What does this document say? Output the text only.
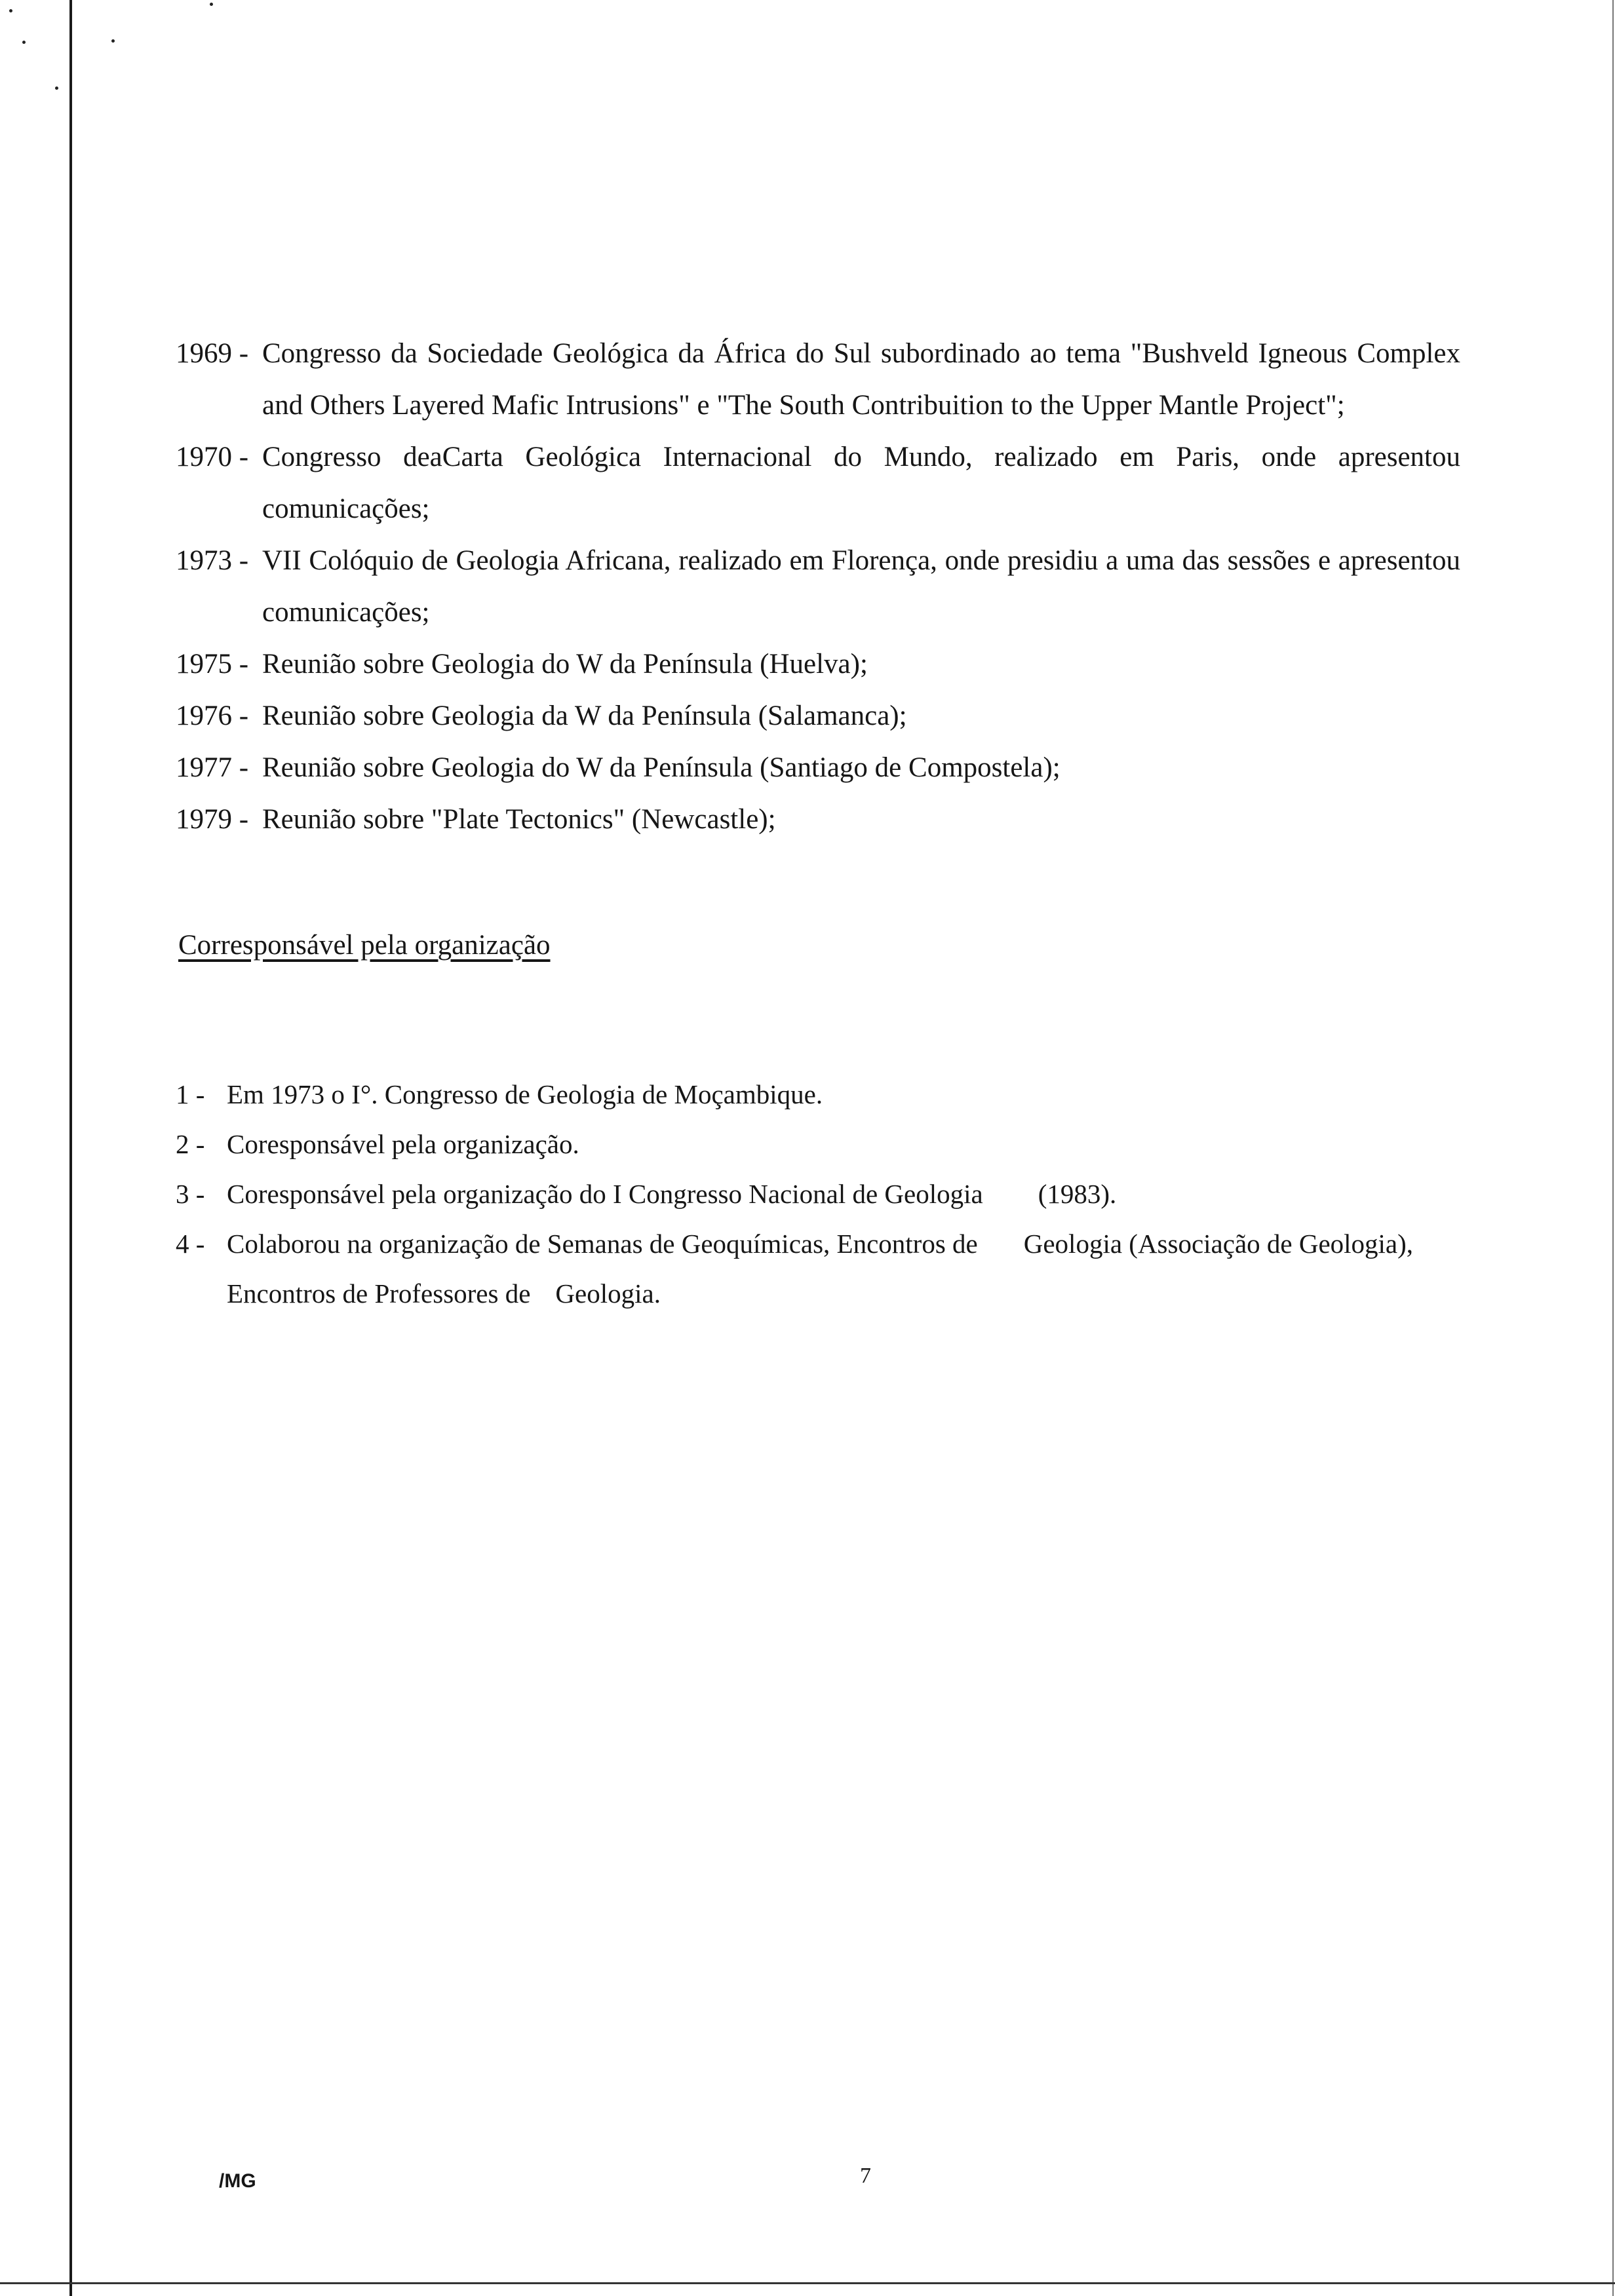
1969 - Congresso da Sociedade Geológica da África do Sul subordinado ao tema "Bushveld Igneous Complex and Others Layered Mafic Intrusions" e "The South Contribuition to the Upper Mantle Project";
1970 - Congresso deaCarta Geológica Internacional do Mundo, realizado em Paris, onde apresentou comunicações;
1973 - VII Colóquio de Geologia Africana, realizado em Florença, onde presidiu a uma das sessões e apresentou comunicações;
1975 - Reunião sobre Geologia do W da Península (Huelva);
1976 - Reunião sobre Geologia da W da Península (Salamanca);
1977 - Reunião sobre Geologia do W da Península (Santiago de Compostela);
1979 - Reunião sobre "Plate Tectonics" (Newcastle);
Corresponsável pela organização
1 - Em 1973 o I°. Congresso de Geologia de Moçambique.
2 - Coresponsável pela organização.
3 - Coresponsável pela organização do I Congresso Nacional de Geologia (1983).
4 - Colaborou na organização de Semanas de Geoquímicas, Encontros de Geologia (Associação de Geologia), Encontros de Professores de Geologia.
/MG	7
